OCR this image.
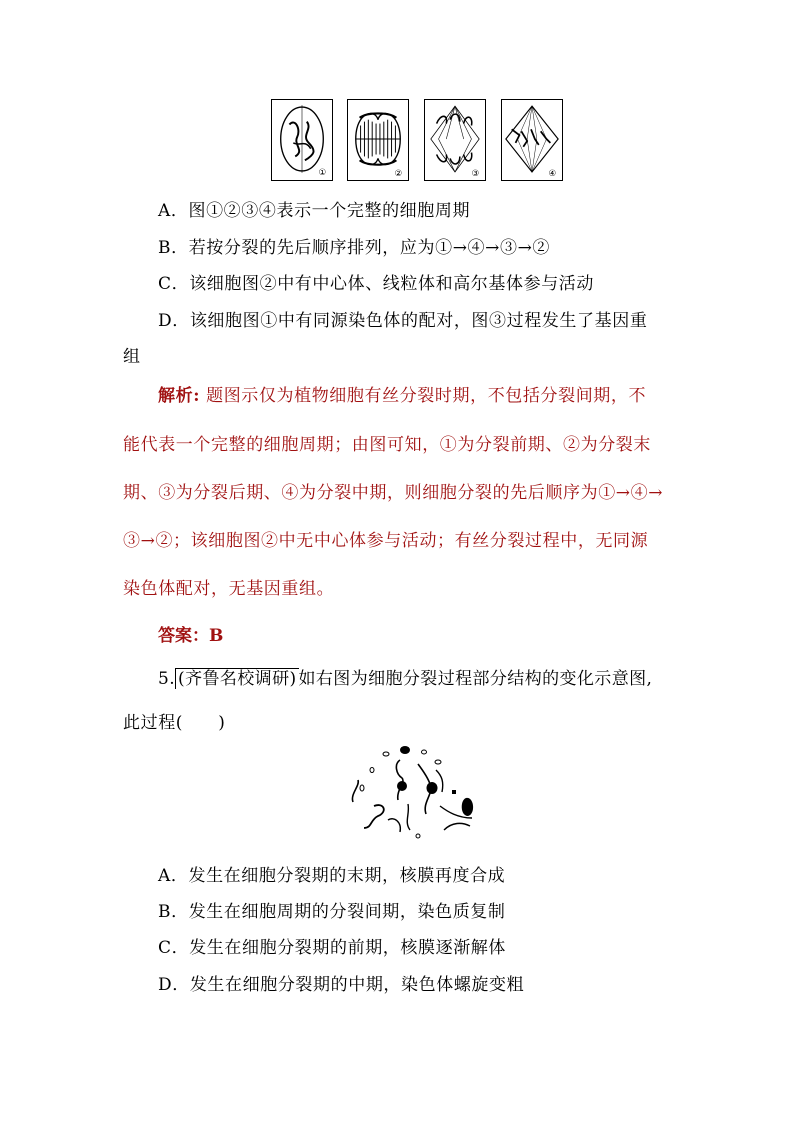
①	②	③	④
A．图①②③④表示一个完整的细胞周期
B．若按分裂的先后顺序排列，应为①→④→③→②
C．该细胞图②中有中心体、线粒体和高尔基体参与活动
D．该细胞图①中有同源染色体的配对，图③过程发生了基因重
组
解析: 题图示仅为植物细胞有丝分裂时期，不包括分裂间期，不
能代表一个完整的细胞周期；由图可知，①为分裂前期、②为分裂末
期、③为分裂后期、④为分裂中期，则细胞分裂的先后顺序为①→④→
③→②；该细胞图②中无中心体参与活动；有丝分裂过程中，无同源
染色体配对，无基因重组。
答案：B
5. (齐鲁名校调研) 如右图为细胞分裂过程部分结构的变化示意图,
此过程(　　)
A．发生在细胞分裂期的末期，核膜再度合成
B．发生在细胞周期的分裂间期，染色质复制
C．发生在细胞分裂期的前期，核膜逐渐解体
D．发生在细胞分裂期的中期，染色体螺旋变粗
